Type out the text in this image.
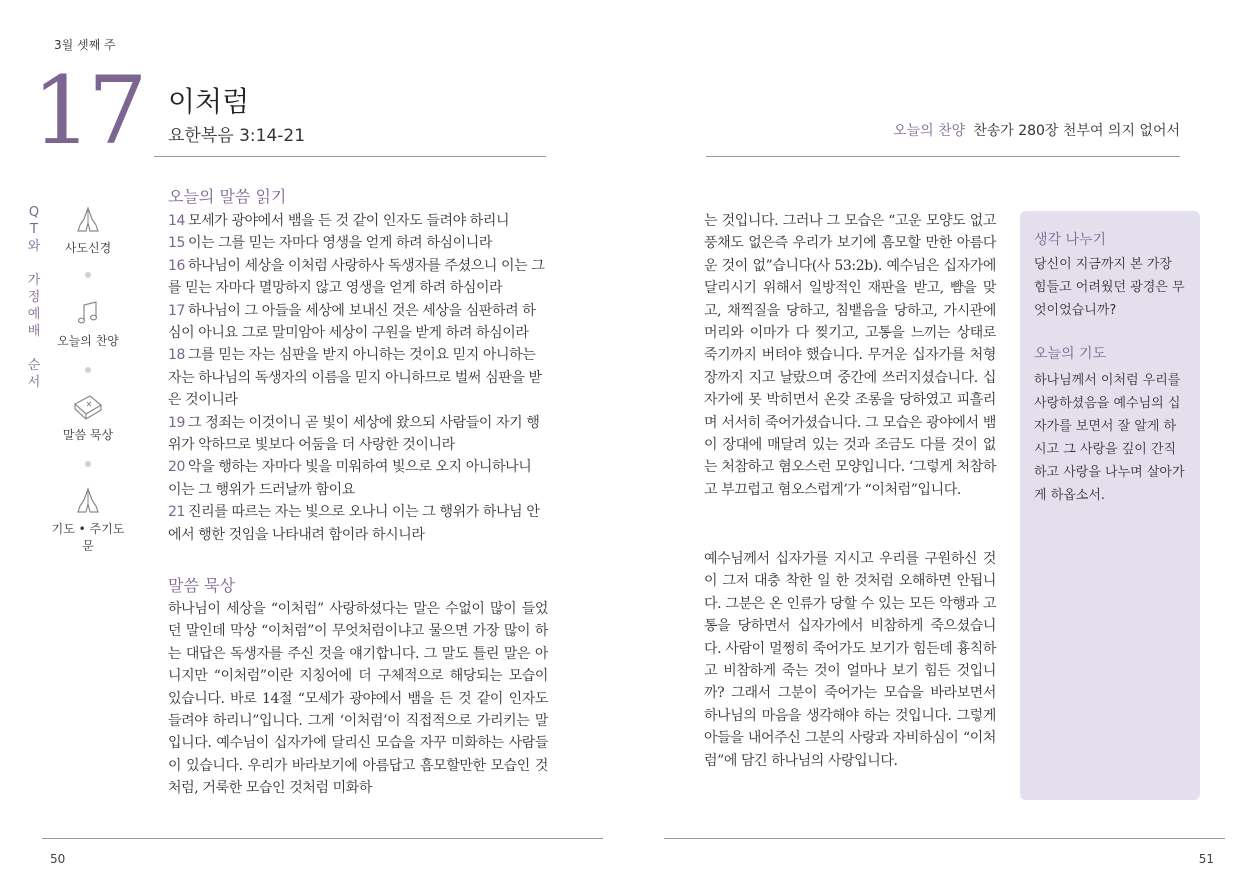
3월 셋째 주
17 이처럼
요한복음 3:14-21	오늘의 찬양 찬송가 280장 천부여 의지 없어서
Q
T
와
가
정
예
배
순
서
사도신경
오늘의 찬양
말씀 묵상
기도 • 주기도문
오늘의 말씀 읽기
14 모세가 광야에서 뱀을 든 것 같이 인자도 들려야 하리니
15 이는 그를 믿는 자마다 영생을 얻게 하려 하심이니라
16 하나님이 세상을 이처럼 사랑하사 독생자를 주셨으니 이는 그를 믿는 자마다 멸망하지 않고 영생을 얻게 하려 하심이라
17 하나님이 그 아들을 세상에 보내신 것은 세상을 심판하려 하심이 아니요 그로 말미암아 세상이 구원을 받게 하려 하심이라
18 그를 믿는 자는 심판을 받지 아니하는 것이요 믿지 아니하는 자는 하나님의 독생자의 이름을 믿지 아니하므로 벌써 심판을 받은 것이니라
19 그 정죄는 이것이니 곧 빛이 세상에 왔으되 사람들이 자기 행위가 악하므로 빛보다 어둠을 더 사랑한 것이니라
20 악을 행하는 자마다 빛을 미워하여 빛으로 오지 아니하나니 이는 그 행위가 드러날까 함이요
21 진리를 따르는 자는 빛으로 오나니 이는 그 행위가 하나님 안에서 행한 것임을 나타내려 함이라 하시니라
말씀 묵상
하나님이 세상을 “이처럼” 사랑하셨다는 말은 수없이 많이 들었던 말인데 막상 “이처럼”이 무엇처럼이냐고 물으면 가장 많이 하는 대답은 독생자를 주신 것을 얘기합니다. 그 말도 틀린 말은 아니지만 “이처럼”이란 지칭어에 더 구체적으로 해당되는 모습이 있습니다. 바로 14절 “모세가 광야에서 뱀을 든 것 같이 인자도 들려야 하리니”입니다. 그게 ‘이처럼’이 직접적으로 가리키는 말입니다. 예수님이 십자가에 달리신 모습을 자꾸 미화하는 사람들이 있습니다. 우리가 바라보기에 아름답고 흠모할만한 모습인 것처럼, 거룩한 모습인 것처럼 미화하
는 것입니다. 그러나 그 모습은 “고운 모양도 없고 풍채도 없은즉 우리가 보기에 흠모할 만한 아름다운 것이 없”습니다(사 53:2b). 예수님은 십자가에 달리시기 위해서 일방적인 재판을 받고, 뺨을 맞고, 채찍질을 당하고, 침뱉음을 당하고, 가시관에 머리와 이마가 다 찢기고, 고통을 느끼는 상태로 죽기까지 버텨야 했습니다. 무거운 십자가를 처형장까지 지고 날랐으며 중간에 쓰러지셨습니다. 십자가에 못 박히면서 온갖 조롱을 당하였고 피흘리며 서서히 죽어가셨습니다. 그 모습은 광야에서 뱀이 장대에 매달려 있는 것과 조금도 다를 것이 없는 처참하고 혐오스런 모양입니다. ‘그렇게 처참하고 부끄럽고 혐오스럽게’가 “이처럼”입니다.
예수님께서 십자가를 지시고 우리를 구원하신 것이 그저 대충 착한 일 한 것처럼 오해하면 안됩니다. 그분은 온 인류가 당할 수 있는 모든 악행과 고통을 당하면서 십자가에서 비참하게 죽으셨습니다. 사람이 멀쩡히 죽어가도 보기가 힘든데 흉칙하고 비참하게 죽는 것이 얼마나 보기 힘든 것입니까? 그래서 그분이 죽어가는 모습을 바라보면서 하나님의 마음을 생각해야 하는 것입니다. 그렇게 아들을 내어주신 그분의 사랑과 자비하심이 “이처럼”에 담긴 하나님의 사랑입니다.
생각 나누기
당신이 지금까지 본 가장 힘들고 어려웠던 광경은 무엇이었습니까?
오늘의 기도
하나님께서 이처럼 우리를 사랑하셨음을 예수님의 십자가를 보면서 잘 알게 하시고 그 사랑을 깊이 간직하고 사랑을 나누며 살아가게 하옵소서.
50	51
